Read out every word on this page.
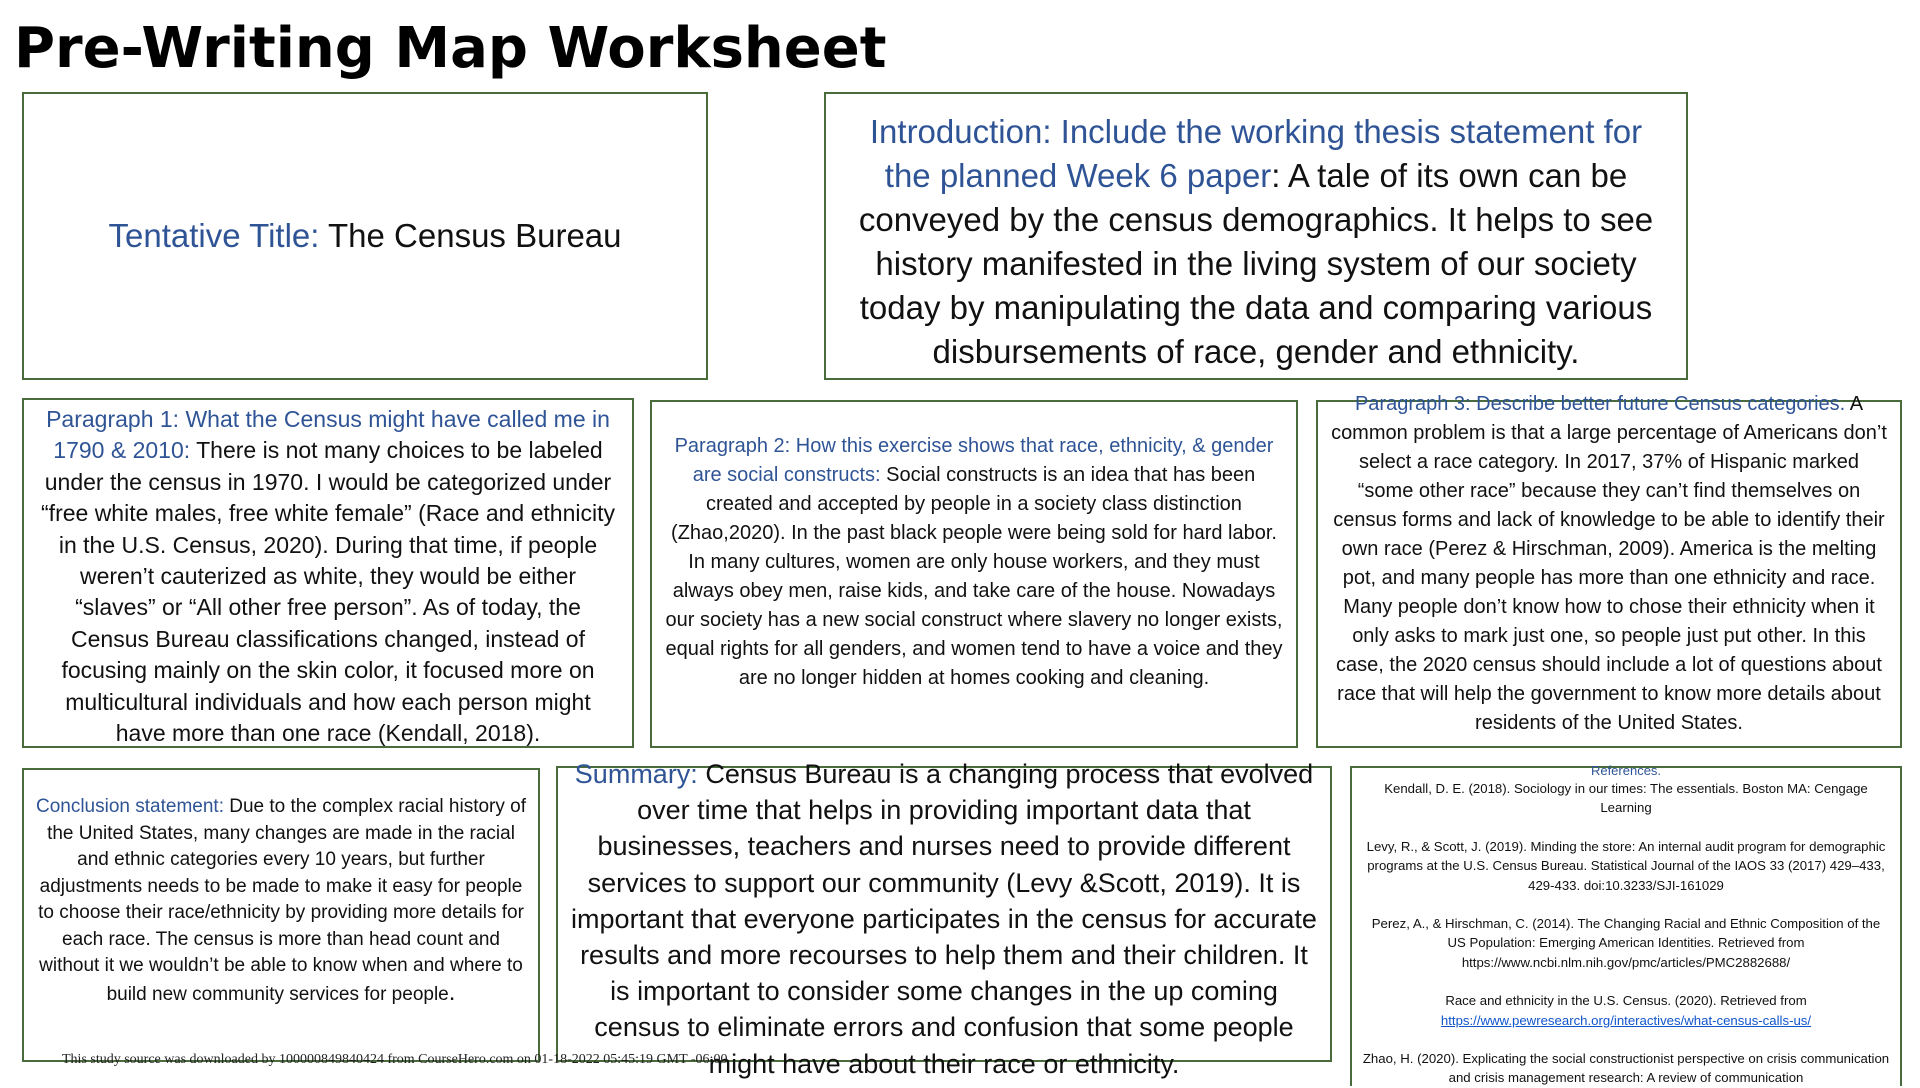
Pre-Writing Map Worksheet
Tentative Title: The Census Bureau
Introduction: Include the working thesis statement for the planned Week 6 paper: A tale of its own can be conveyed by the census demographics. It helps to see history manifested in the living system of our society today by manipulating the data and comparing various disbursements of race, gender and ethnicity.
Paragraph 1: What the Census might have called me in 1790 & 2010: There is not many choices to be labeled under the census in 1970. I would be categorized under “free white males, free white female” (Race and ethnicity in the U.S. Census, 2020). During that time, if people weren’t cauterized as white, they would be either “slaves” or “All other free person”. As of today, the Census Bureau classifications changed, instead of focusing mainly on the skin color, it focused more on multicultural individuals and how each person might have more than one race (Kendall, 2018).
Paragraph 2: How this exercise shows that race, ethnicity, & gender are social constructs: Social constructs is an idea that has been created and accepted by people in a society class distinction (Zhao,2020). In the past black people were being sold for hard labor. In many cultures, women are only house workers, and they must always obey men, raise kids, and take care of the house. Nowadays our society has a new social construct where slavery no longer exists, equal rights for all genders, and women tend to have a voice and they are no longer hidden at homes cooking and cleaning.
Paragraph 3: Describe better future Census categories. A common problem is that a large percentage of Americans don’t select a race category. In 2017, 37% of Hispanic marked “some other race” because they can’t find themselves on census forms and lack of knowledge to be able to identify their own race (Perez & Hirschman, 2009). America is the melting pot, and many people has more than one ethnicity and race. Many people don’t know how to chose their ethnicity when it only asks to mark just one, so people just put other. In this case, the 2020 census should include a lot of questions about race that will help the government to know more details about residents of the United States.
Conclusion statement: Due to the complex racial history of the United States, many changes are made in the racial and ethnic categories every 10 years, but further adjustments needs to be made to make it easy for people to choose their race/ethnicity by providing more details for each race. The census is more than head count and without it we wouldn’t be able to know when and where to build new community services for people.
Summary: Census Bureau is a changing process that evolved over time that helps in providing important data that businesses, teachers and nurses need to provide different services to support our community (Levy &Scott, 2019). It is important that everyone participates in the census for accurate results and more recourses to help them and their children. It is important to consider some changes in the up coming census to eliminate errors and confusion that some people might have about their race or ethnicity.
References.
Kendall, D. E. (2018). Sociology in our times: The essentials. Boston MA: Cengage Learning
Levy, R., & Scott, J. (2019). Minding the store: An internal audit program for demographic programs at the U.S. Census Bureau. Statistical Journal of the IAOS 33 (2017) 429–433, 429-433. doi:10.3233/SJI-161029
Perez, A., & Hirschman, C. (2014). The Changing Racial and Ethnic Composition of the US Population: Emerging American Identities. Retrieved from https://www.ncbi.nlm.nih.gov/pmc/articles/PMC2882688/
Race and ethnicity in the U.S. Census. (2020). Retrieved from
https://www.pewresearch.org/interactives/what-census-calls-us/
Zhao, H. (2020). Explicating the social constructionist perspective on crisis communication and crisis management research: A review of communication
This study source was downloaded by 100000849840424 from CourseHero.com on 01-18-2022 05:45:19 GMT -06:00
